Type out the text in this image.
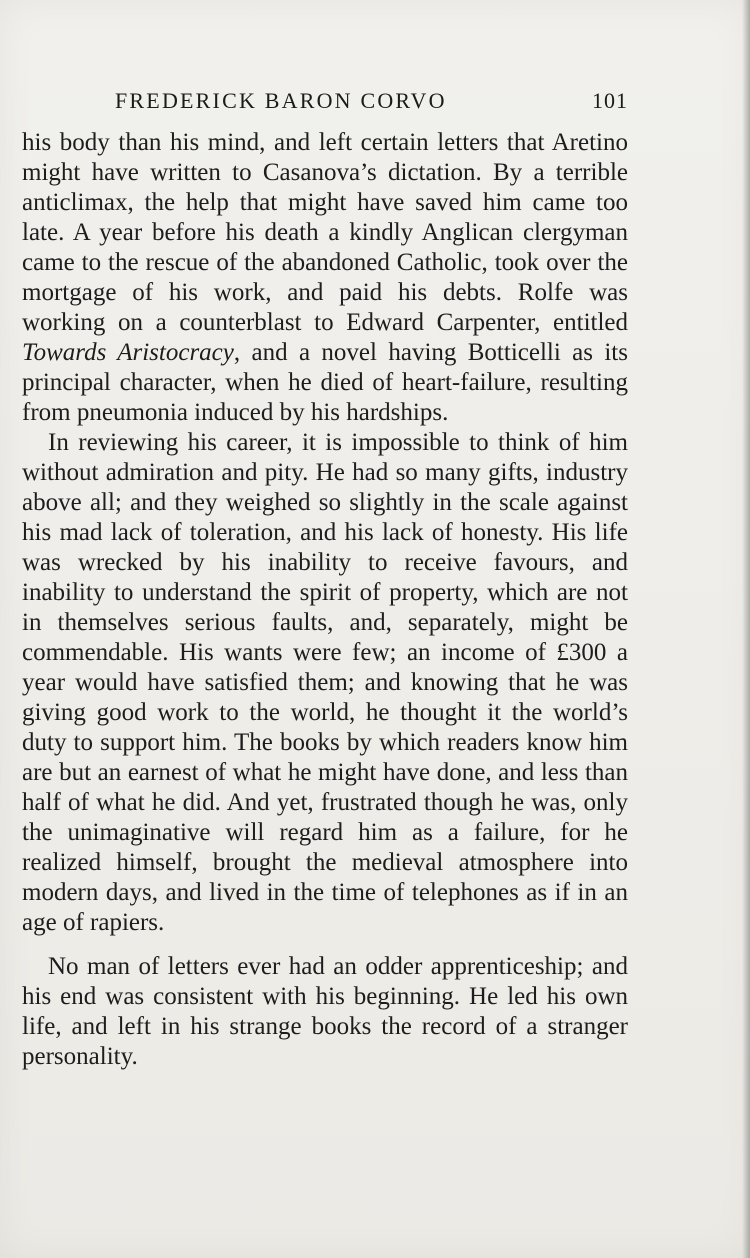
FREDERICK BARON CORVO	101

his body than his mind, and left certain letters that Aretino might have written to Casanova’s dictation. By a terrible anticlimax, the help that might have saved him came too late. A year before his death a kindly Anglican clergyman came to the rescue of the abandoned Catholic, took over the mortgage of his work, and paid his debts. Rolfe was working on a counterblast to Edward Carpenter, entitled Towards Aristocracy, and a novel having Botticelli as its principal character, when he died of heart-failure, resulting from pneumonia induced by his hardships.

In reviewing his career, it is impossible to think of him without admiration and pity. He had so many gifts, industry above all; and they weighed so slightly in the scale against his mad lack of toleration, and his lack of honesty. His life was wrecked by his inability to receive favours, and inability to understand the spirit of property, which are not in themselves serious faults, and, separately, might be commendable. His wants were few; an income of £300 a year would have satisfied them; and knowing that he was giving good work to the world, he thought it the world’s duty to support him. The books by which readers know him are but an earnest of what he might have done, and less than half of what he did. And yet, frustrated though he was, only the unimaginative will regard him as a failure, for he realized himself, brought the medieval atmosphere into modern days, and lived in the time of telephones as if in an age of rapiers.

No man of letters ever had an odder apprenticeship; and his end was consistent with his beginning. He led his own life, and left in his strange books the record of a stranger personality.
